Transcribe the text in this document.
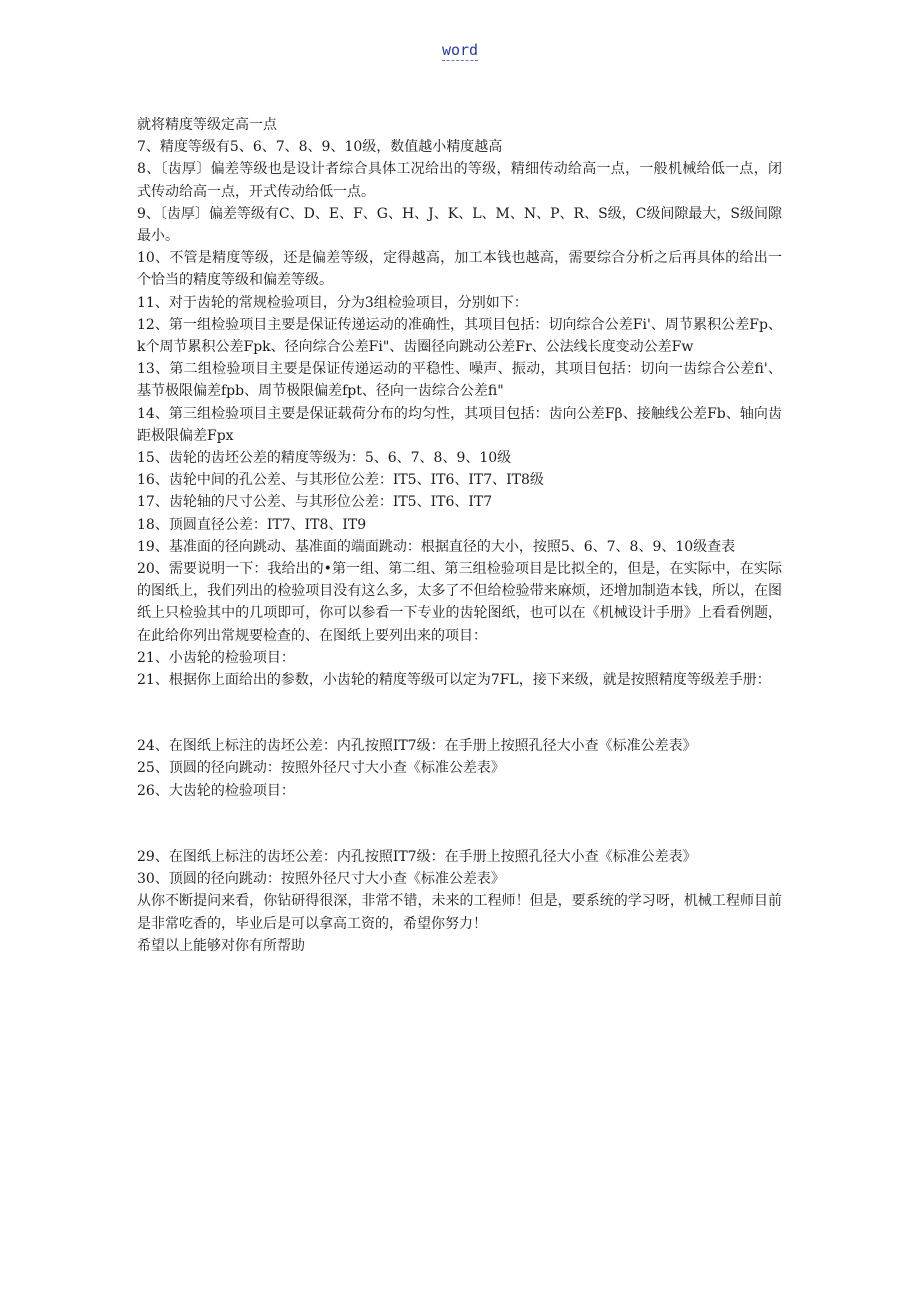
word

就将精度等级定高一点

7、精度等级有5、6、7、8、9、10级，数值越小精度越高

8、〔齿厚〕偏差等级也是设计者综合具体工况给出的等级，精细传动给高一点，一般机械给低一点，闭式传动给高一点，开式传动给低一点。

9、〔齿厚〕偏差等级有C、D、E、F、G、H、J、K、L、M、N、P、R、S级，C级间隙最大，S级间隙最小。

10、不管是精度等级，还是偏差等级，定得越高，加工本钱也越高，需要综合分析之后再具体的给出一个恰当的精度等级和偏差等级。

11、对于齿轮的常规检验项目，分为3组检验项目，分别如下：

12、第一组检验项目主要是保证传递运动的准确性，其项目包括：切向综合公差Fi'、周节累积公差Fp、k个周节累积公差Fpk、径向综合公差Fi"、齿圈径向跳动公差Fr、公法线长度变动公差Fw

13、第二组检验项目主要是保证传递运动的平稳性、噪声、振动，其项目包括：切向一齿综合公差fi'、基节极限偏差fpb、周节极限偏差fpt、径向一齿综合公差fi"

14、第三组检验项目主要是保证载荷分布的均匀性，其项目包括：齿向公差Fβ、接触线公差Fb、轴向齿距极限偏差Fpx

15、齿轮的齿坯公差的精度等级为：5、6、7、8、9、10级

16、齿轮中间的孔公差、与其形位公差：IT5、IT6、IT7、IT8级

17、齿轮轴的尺寸公差、与其形位公差：IT5、IT6、IT7

18、顶圆直径公差：IT7、IT8、IT9

19、基准面的径向跳动、基准面的端面跳动：根据直径的大小，按照5、6、7、8、9、10级查表

20、需要说明一下：我给出的•第一组、第二组、第三组检验项目是比拟全的，但是，在实际中，在实际的图纸上，我们列出的检验项目没有这么多，太多了不但给检验带来麻烦，还增加制造本钱，所以，在图纸上只检验其中的几项即可，你可以参看一下专业的齿轮图纸，也可以在《机械设计手册》上看看例题，在此给你列出常规要检查的、在图纸上要列出来的项目：

21、小齿轮的检验项目：

21、根据你上面给出的参数，小齿轮的精度等级可以定为7FL，接下来级，就是按照精度等级差手册：

24、在图纸上标注的齿坯公差：内孔按照IT7级：在手册上按照孔径大小查《标准公差表》

25、顶圆的径向跳动：按照外径尺寸大小查《标准公差表》

26、大齿轮的检验项目：

29、在图纸上标注的齿坯公差：内孔按照IT7级：在手册上按照孔径大小查《标准公差表》

30、顶圆的径向跳动：按照外径尺寸大小查《标准公差表》

从你不断提问来看，你钻研得很深，非常不错，未来的工程师！但是，要系统的学习呀，机械工程师目前是非常吃香的，毕业后是可以拿高工资的，希望你努力！

希望以上能够对你有所帮助
